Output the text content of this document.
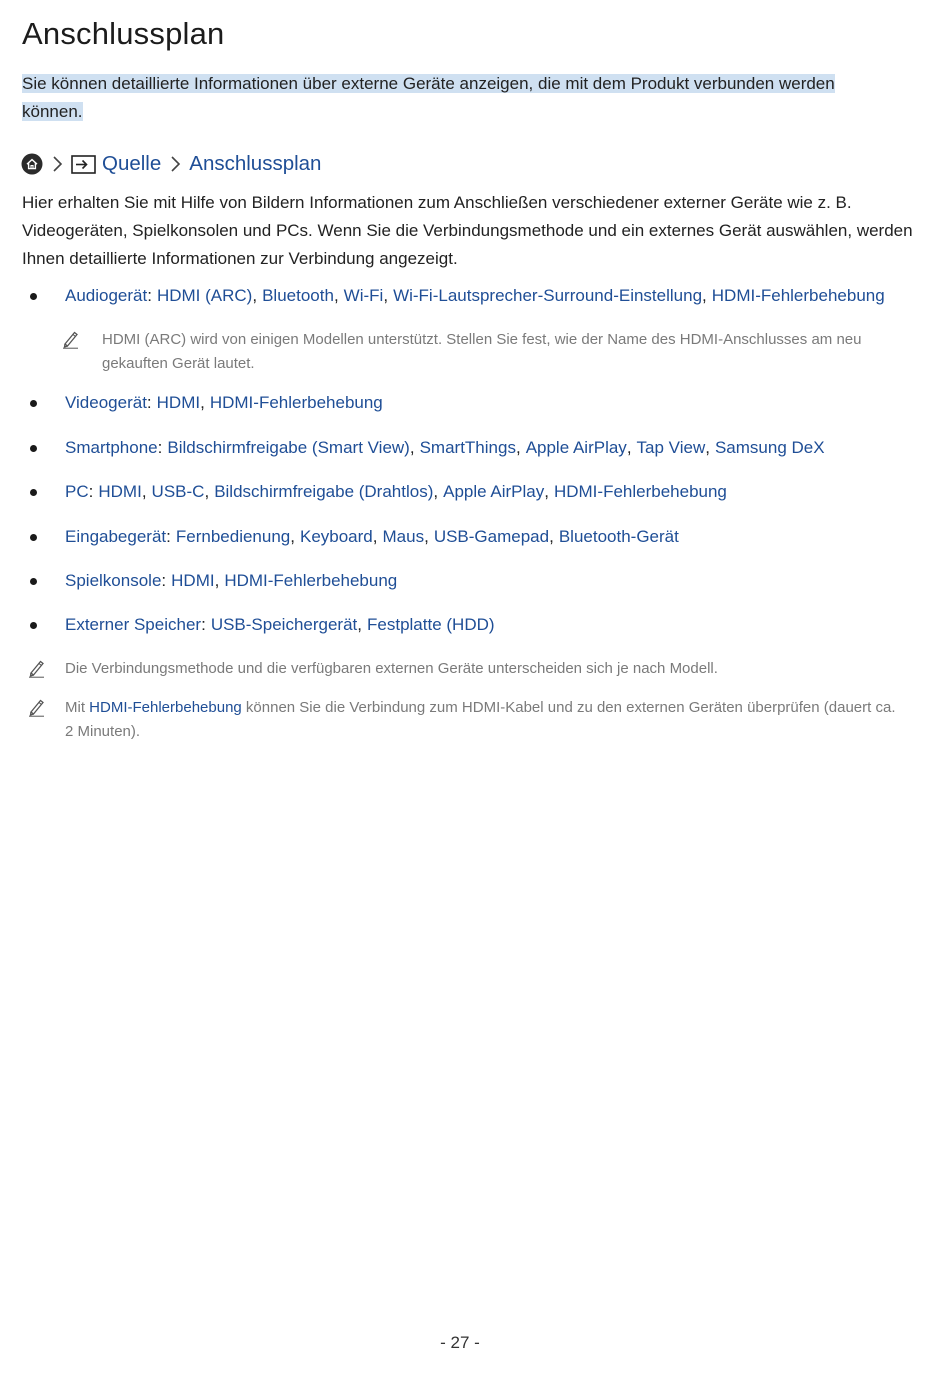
Anschlussplan
Sie können detaillierte Informationen über externe Geräte anzeigen, die mit dem Produkt verbunden werden können.
Quelle Anschlussplan

Hier erhalten Sie mit Hilfe von Bildern Informationen zum Anschließen verschiedener externer Geräte wie z. B. Videogeräten, Spielkonsolen und PCs. Wenn Sie die Verbindungsmethode und ein externes Gerät auswählen, werden Ihnen detaillierte Informationen zur Verbindung angezeigt.

Audiogerät : HDMI (ARC) , Bluetooth , Wi-Fi , Wi-Fi-Lautsprecher-Surround-Einstellung , HDMI-Fehlerbehebung
Videogerät : HDMI , HDMI-Fehlerbehebung
Smartphone : Bildschirmfreigabe (Smart View) , SmartThings , Apple AirPlay , Tap View , Samsung DeX
PC : HDMI , USB-C , Bildschirmfreigabe (Drahtlos) , Apple AirPlay , HDMI-Fehlerbehebung
Eingabegerät : Fernbedienung , Keyboard , Maus , USB-Gamepad , Bluetooth-Gerät
Spielkonsole : HDMI , HDMI-Fehlerbehebung
Externer Speicher : USB-Speichergerät , Festplatte (HDD)
HDMI (ARC) wird von einigen Modellen unterstützt. Stellen Sie fest, wie der Name des HDMI-Anschlusses am neu gekauften Gerät lautet.
Die Verbindungsmethode und die verfügbaren externen Geräte unterscheiden sich je nach Modell.
Mit HDMI-Fehlerbehebung können Sie die Verbindung zum HDMI-Kabel und zu den externen Geräten überprüfen (dauert ca. 2 Minuten).
- 27 -
